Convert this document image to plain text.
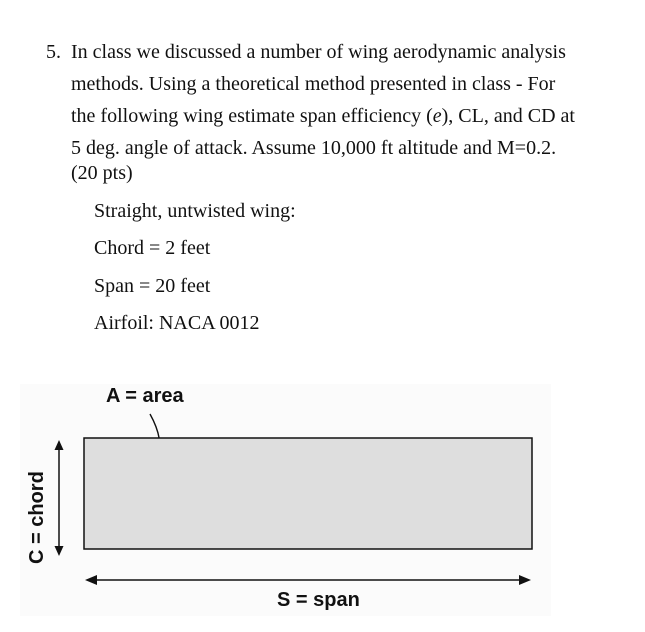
5. In class we discussed a number of wing aerodynamic analysis
methods. Using a theoretical method presented in class - For
the following wing estimate span efficiency (e), CL, and CD at
5 deg. angle of attack. Assume 10,000 ft altitude and M=0.2.
(20 pts)
Straight, untwisted wing:
Chord = 2 feet
Span = 20 feet
Airfoil: NACA 0012
A = area
C = chord
S = span
